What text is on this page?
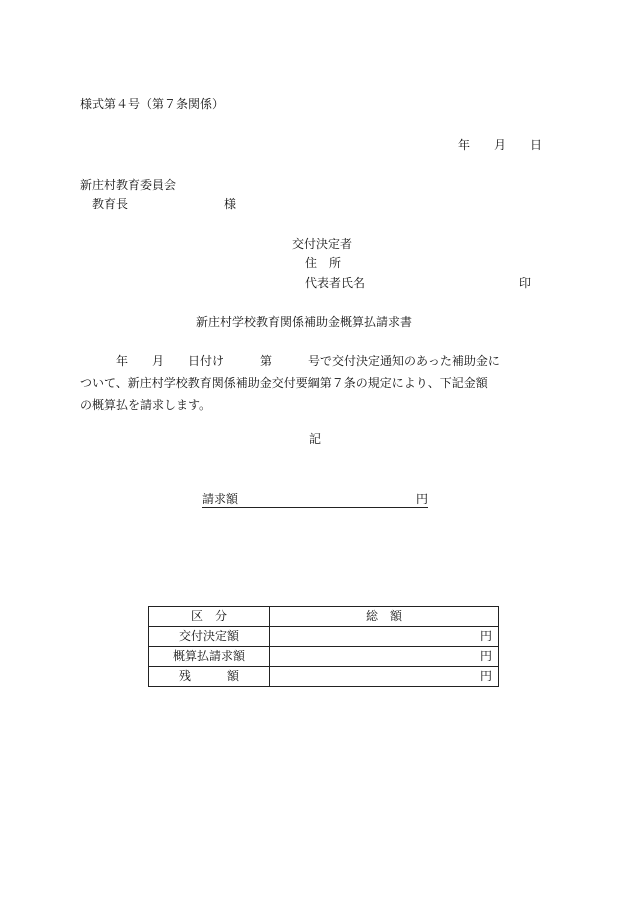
様式第４号（第７条関係）
年　　月　　日
新庄村教育委員会
　教育長　　　　　　　　様
交付決定者
住　所
代表者氏名	印
新庄村学校教育関係補助金概算払請求書
　　　年　　月　　日付け　　　第　　　号で交付決定通知のあった補助金に
ついて、新庄村学校教育関係補助金交付要綱第７条の規定により、下記金額
の概算払を請求します。
記
請求額	円
区　分	総　額
交付決定額	円
概算払請求額	円
残　　　額	円
